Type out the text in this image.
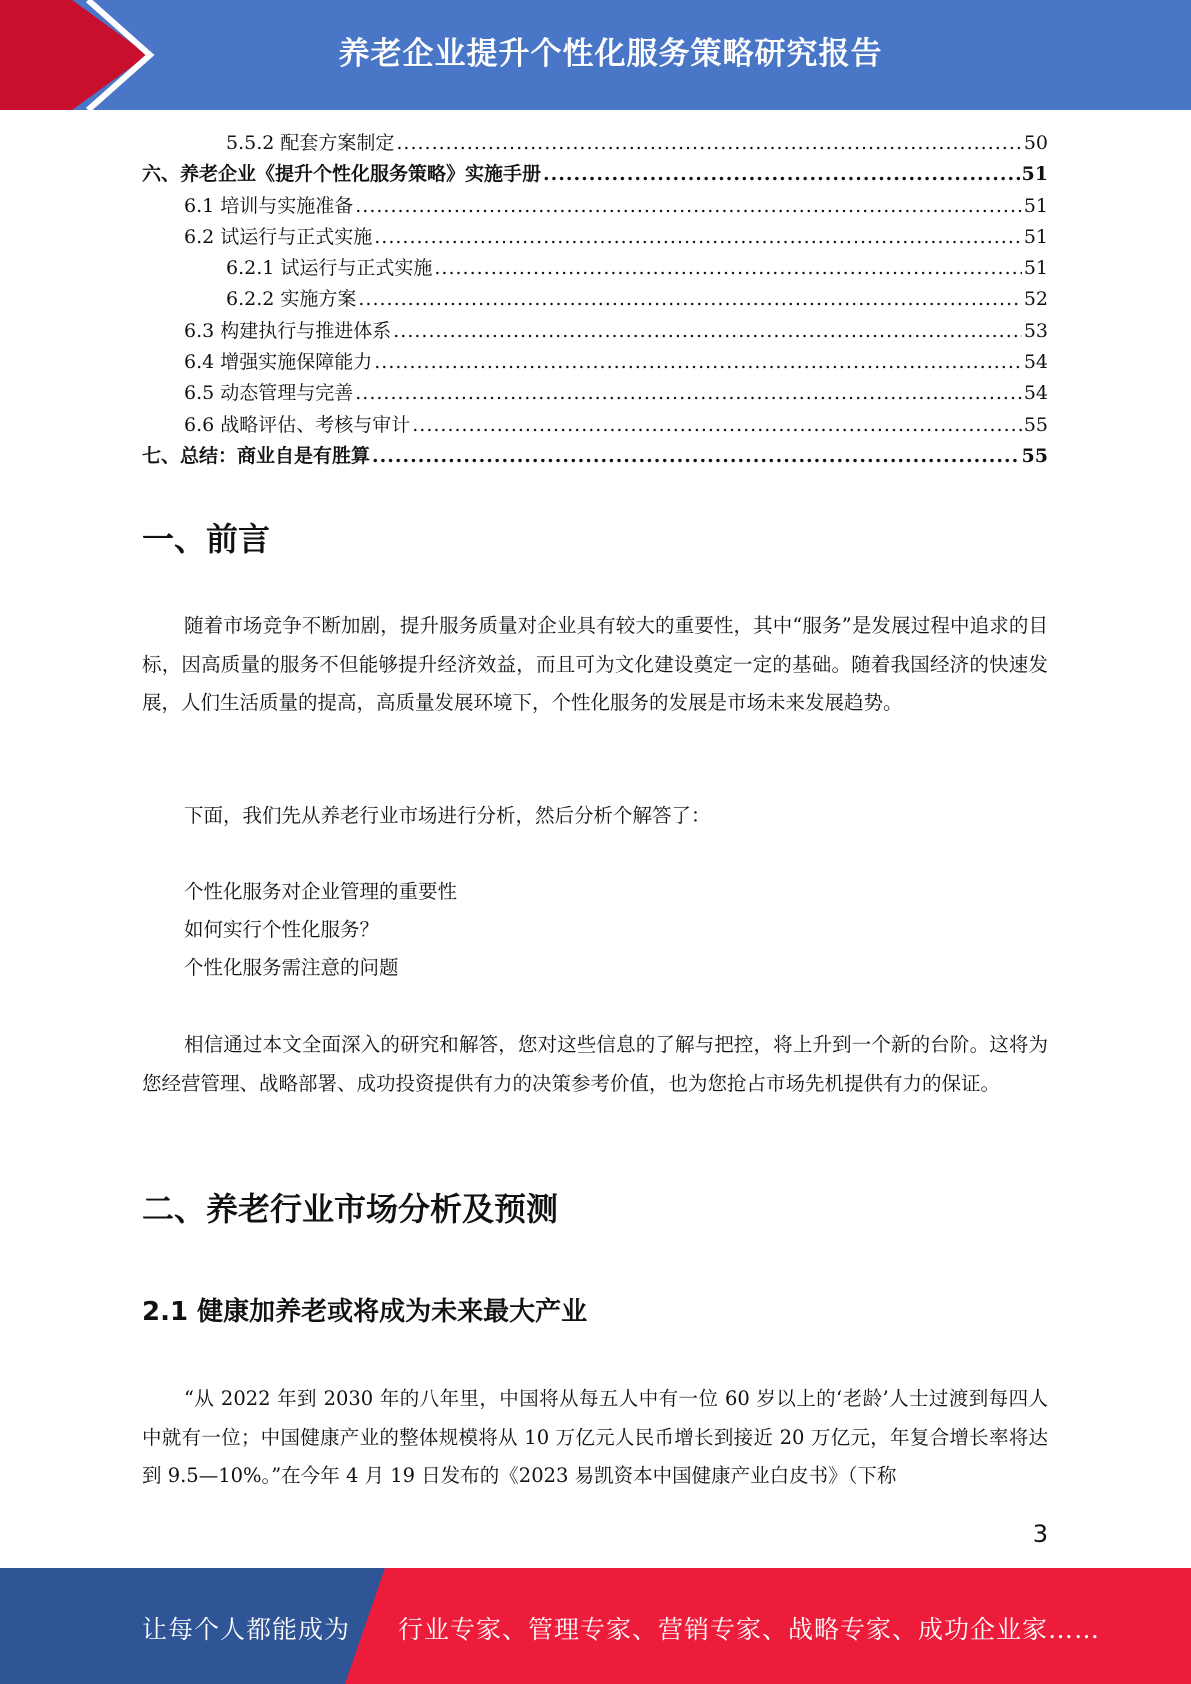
养老企业提升个性化服务策略研究报告
5.5.2 配套方案制定 .....	50
六、养老企业《提升个性化服务策略》实施手册 .....	51
6.1 培训与实施准备 .....	51
6.2 试运行与正式实施 .....	51
6.2.1 试运行与正式实施 .....	51
6.2.2 实施方案 .....	52
6.3 构建执行与推进体系 .....	53
6.4 增强实施保障能力 .....	54
6.5 动态管理与完善 .....	54
6.6 战略评估、考核与审计 .....	55
七、总结：商业自是有胜算 .....	55
一、前言

随着市场竞争不断加剧，提升服务质量对企业具有较大的重要性，其中“服务”是发展过程中追求的目标，因高质量的服务不但能够提升经济效益，而且可为文化建设奠定一定的基础。随着我国经济的快速发展，人们生活质量的提高，高质量发展环境下，个性化服务的发展是市场未来发展趋势。

下面，我们先从养老行业市场进行分析，然后分析个解答了：

个性化服务对企业管理的重要性
如何实行个性化服务？
个性化服务需注意的问题

相信通过本文全面深入的研究和解答，您对这些信息的了解与把控，将上升到一个新的台阶。这将为您经营管理、战略部署、成功投资提供有力的决策参考价值，也为您抢占市场先机提供有力的保证。

二、养老行业市场分析及预测
2.1 健康加养老或将成为未来最大产业

“从 2022 年到 2030 年的八年里，中国将从每五人中有一位 60 岁以上的‘老龄’人士过渡到每四人中就有一位；中国健康产业的整体规模将从 10 万亿元人民币增长到接近 20 万亿元，年复合增长率将达到 9.5—10%。”在今年 4 月 19 日发布的《2023 易凯资本中国健康产业白皮书》（下称

3
让每个人都能成为 行业专家、管理专家、营销专家、战略专家、成功企业家……
